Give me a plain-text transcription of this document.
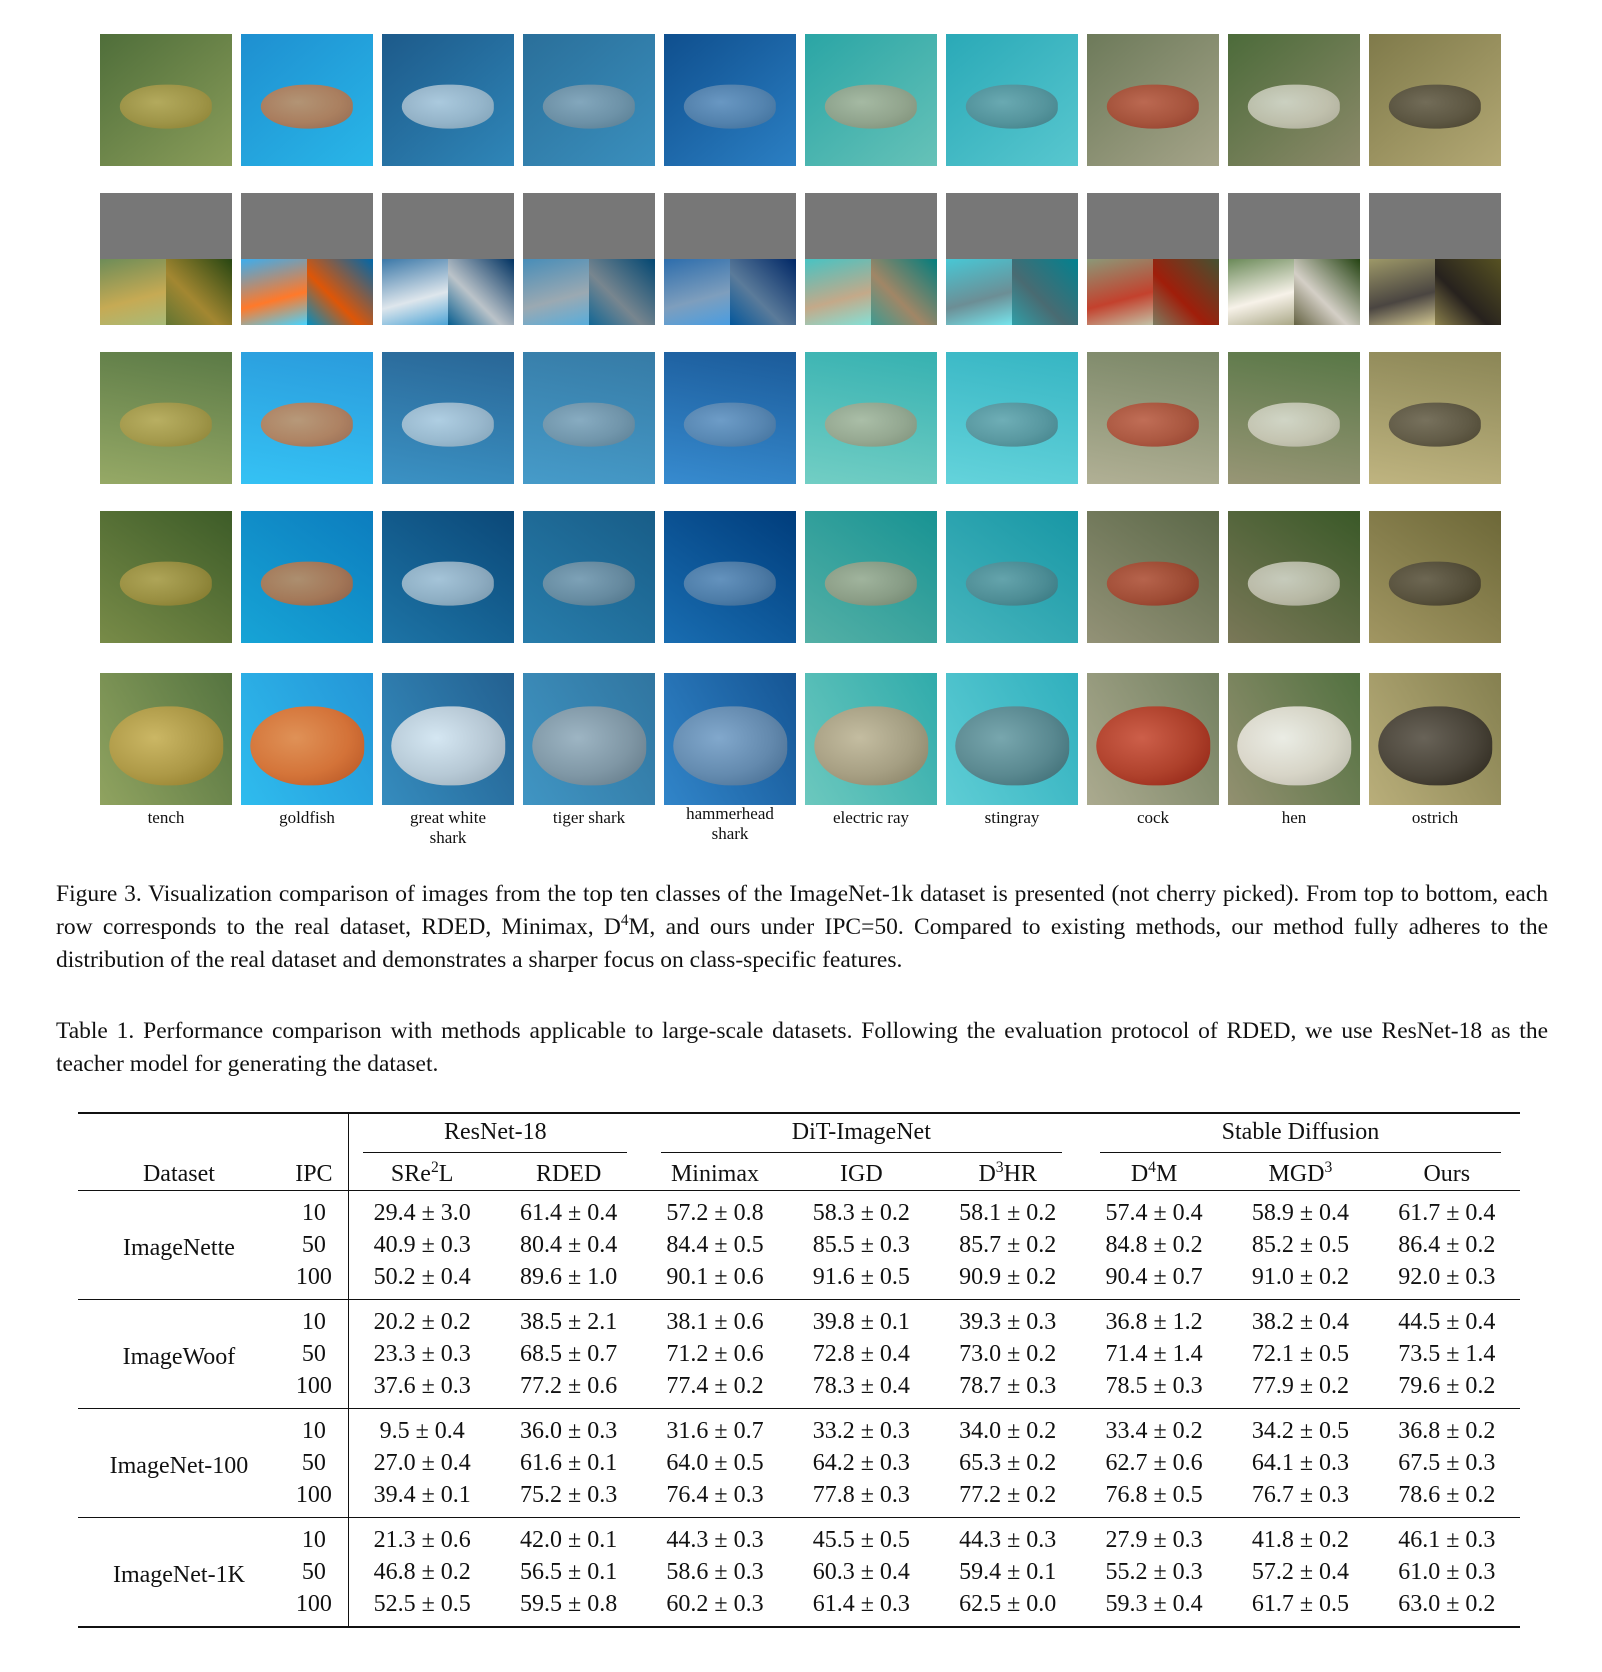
tench	goldfish	great white shark
tiger shark	hammerhead shark
electric ray	stingray	cock	hen	ostrich
Figure 3. Visualization comparison of images from the top ten classes of the ImageNet-1k dataset is presented (not cherry picked). From top to bottom, each row corresponds to the real dataset, RDED, Minimax, $D^4M$, and ours under IPC=50. Compared to existing methods, our method fully adheres to the distribution of the real dataset and demonstrates a sharper focus on class-specific features.
Table 1. Performance comparison with methods applicable to large-scale datasets. Following the evaluation protocol of RDED, we use ResNet-18 as the teacher model for generating the dataset.
		ResNet-18		DiT-ImageNet			Stable Diffusion		
Dataset	IPC	SRe$^2$L	RDED	Minimax	IGD	$D^3HR$	$D^4M$	MGD$^3$	Ours
ImageNette	10	29.4 ± 3.0	61.4 ± 0.4	57.2 ± 0.8	58.3 ± 0.2	58.1 ± 0.2	57.4 ± 0.4	58.9 ± 0.4	61.7 ± 0.4
	50	40.9 ± 0.3	80.4 ± 0.4	84.4 ± 0.5	85.5 ± 0.3	85.7 ± 0.2	84.8 ± 0.2	85.2 ± 0.5	86.4 ± 0.2
	100	50.2 ± 0.4	89.6 ± 1.0	90.1 ± 0.6	91.6 ± 0.5	90.9 ± 0.2	90.4 ± 0.7	91.0 ± 0.2	92.0 ± 0.3
ImageWoof	10	20.2 ± 0.2	38.5 ± 2.1	38.1 ± 0.6	39.8 ± 0.1	39.3 ± 0.3	36.8 ± 1.2	38.2 ± 0.4	44.5 ± 0.4
	50	23.3 ± 0.3	68.5 ± 0.7	71.2 ± 0.6	72.8 ± 0.4	73.0 ± 0.2	71.4 ± 1.4	72.1 ± 0.5	73.5 ± 1.4
	100	37.6 ± 0.3	77.2 ± 0.6	77.4 ± 0.2	78.3 ± 0.4	78.7 ± 0.3	78.5 ± 0.3	77.9 ± 0.2	79.6 ± 0.2
ImageNet-100	10	9.5 ± 0.4	36.0 ± 0.3	31.6 ± 0.7	33.2 ± 0.3	34.0 ± 0.2	33.4 ± 0.2	34.2 ± 0.5	36.8 ± 0.2
	50	27.0 ± 0.4	61.6 ± 0.1	64.0 ± 0.5	64.2 ± 0.3	65.3 ± 0.2	62.7 ± 0.6	64.1 ± 0.3	67.5 ± 0.3
	100	39.4 ± 0.1	75.2 ± 0.3	76.4 ± 0.3	77.8 ± 0.3	77.2 ± 0.2	76.8 ± 0.5	76.7 ± 0.3	78.6 ± 0.2
ImageNet-1K	10	21.3 ± 0.6	42.0 ± 0.1	44.3 ± 0.3	45.5 ± 0.5	44.3 ± 0.3	27.9 ± 0.3	41.8 ± 0.2	46.1 ± 0.3
	50	46.8 ± 0.2	56.5 ± 0.1	58.6 ± 0.3	60.3 ± 0.4	59.4 ± 0.1	55.2 ± 0.3	57.2 ± 0.4	61.0 ± 0.3
	100	52.5 ± 0.5	59.5 ± 0.8	60.2 ± 0.3	61.4 ± 0.3	62.5 ± 0.0	59.3 ± 0.4	61.7 ± 0.5	63.0 ± 0.2
